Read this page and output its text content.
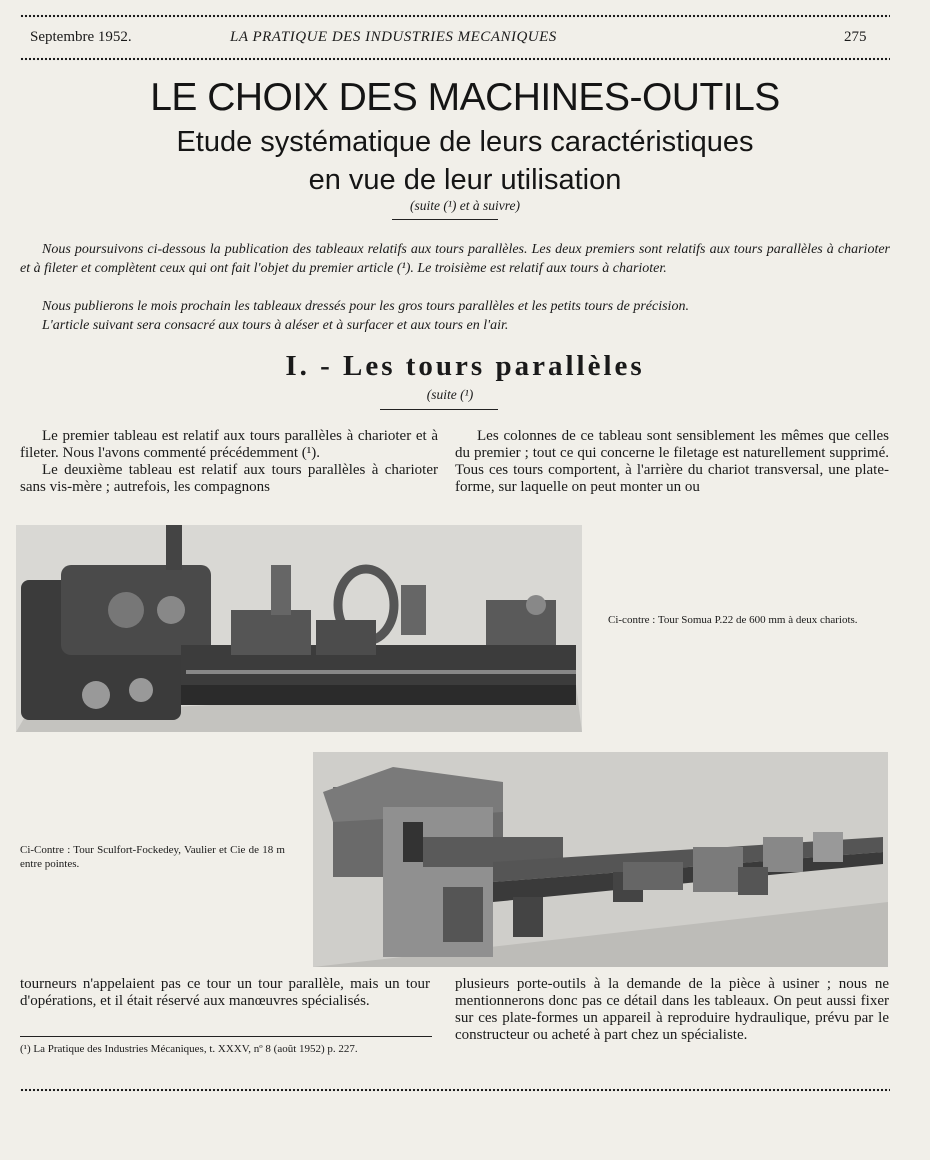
Septembre 1952.	LA PRATIQUE DES INDUSTRIES MECANIQUES	275
LE CHOIX DES MACHINES-OUTILS
Etude systématique de leurs caractéristiques
en vue de leur utilisation
(suite (¹) et à suivre)
Nous poursuivons ci-dessous la publication des tableaux relatifs aux tours parallèles. Les deux premiers sont relatifs aux tours parallèles à charioter et à fileter et complètent ceux qui ont fait l'objet du premier article (¹). Le troisième est relatif aux tours à charioter.
Nous publierons le mois prochain les tableaux dressés pour les gros tours parallèles et les petits tours de précision.
L'article suivant sera consacré aux tours à aléser et à surfacer et aux tours en l'air.
I. - Les tours parallèles
(suite (¹)

Le premier tableau est relatif aux tours parallèles à charioter et à fileter. Nous l'avons commenté précédemment (¹).

Le deuxième tableau est relatif aux tours parallèles à charioter sans vis-mère ; autrefois, les compagnons

Les colonnes de ce tableau sont sensiblement les mêmes que celles du premier ; tout ce qui concerne le filetage est naturellement supprimé. Tous ces tours comportent, à l'arrière du chariot transversal, une plate-forme, sur laquelle on peut monter un ou

Ci-contre : Tour Somua P.22 de 600 mm à deux chariots.
Ci-Contre : Tour Sculfort-Fockedey, Vaulier et Cie de 18 m entre pointes.
tourneurs n'appelaient pas ce tour un tour parallèle, mais un tour d'opérations, et il était réservé aux manœuvres spécialisés.
(¹) La Pratique des Industries Mécaniques, t. XXXV, nº 8 (août 1952) p. 227.
plusieurs porte-outils à la demande de la pièce à usiner ; nous ne mentionnerons donc pas ce détail dans les tableaux. On peut aussi fixer sur ces plate-formes un appareil à reproduire hydraulique, prévu par le constructeur ou acheté à part chez un spécialiste.
